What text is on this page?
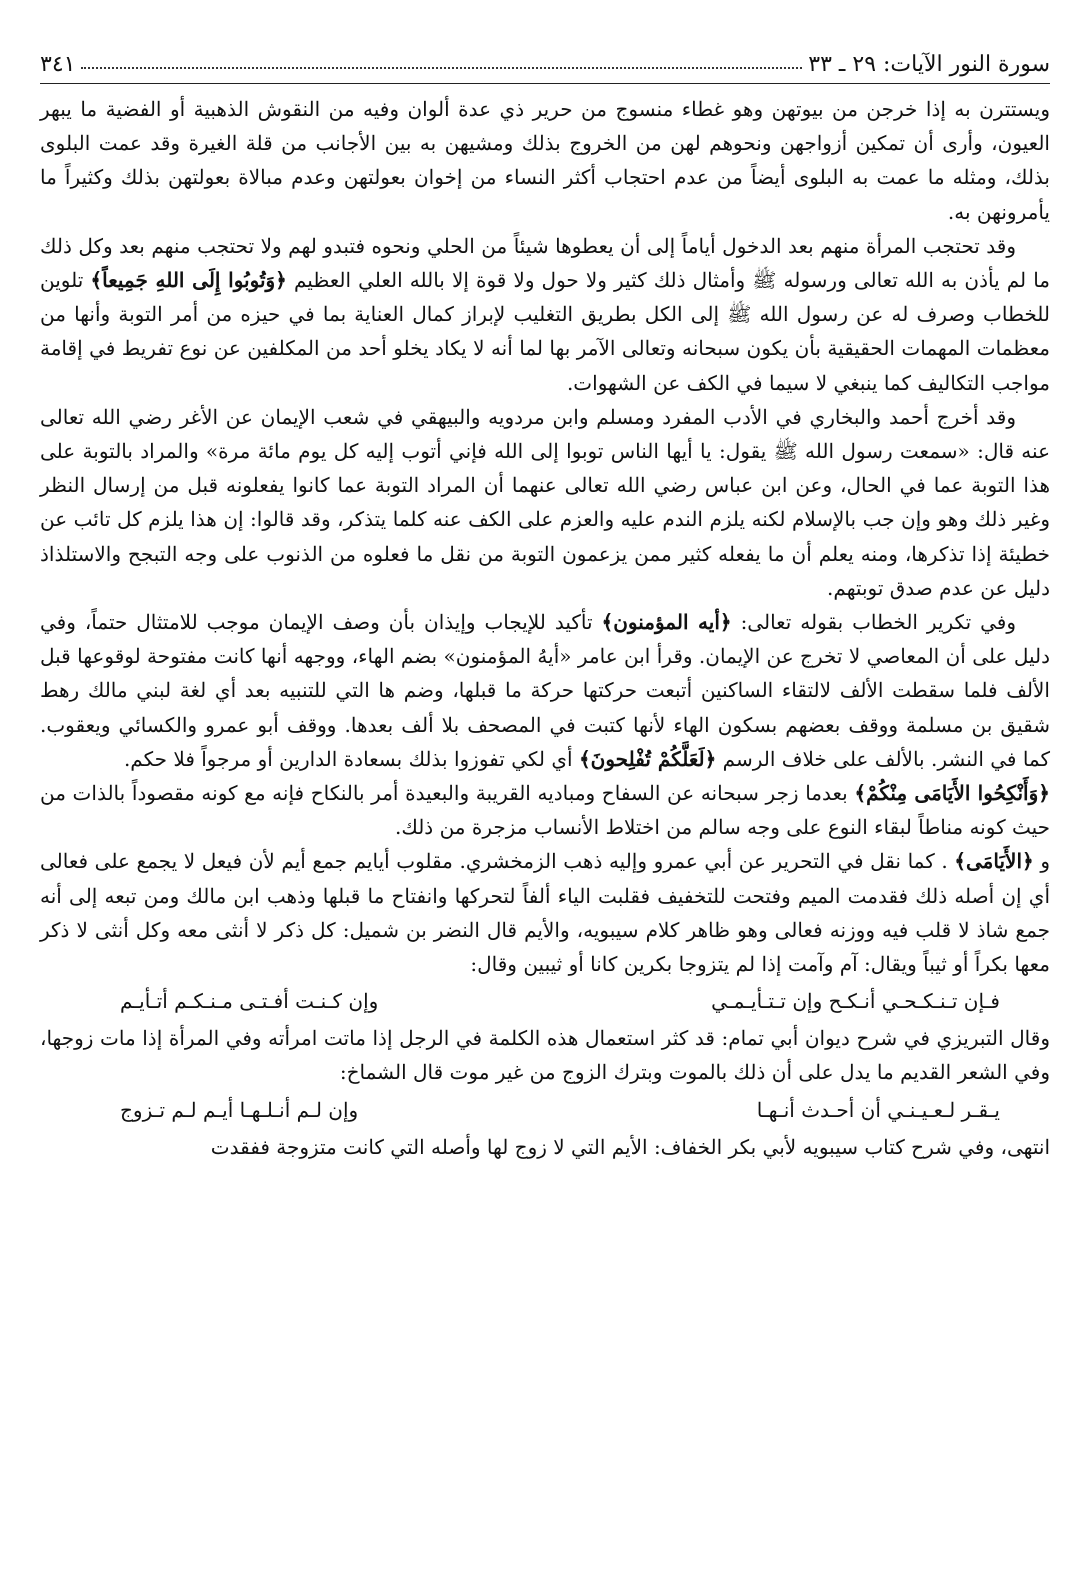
سورة النور الآيات: ٢٩ ـ ٣٣
٣٤١

ويستترن به إذا خرجن من بيوتهن وهو غطاء منسوج من حرير ذي عدة ألوان وفيه من النقوش الذهبية أو الفضية ما يبهر العيون، وأرى أن تمكين أزواجهن ونحوهم لهن من الخروج بذلك ومشيهن به بين الأجانب من قلة الغيرة وقد عمت البلوى بذلك، ومثله ما عمت به البلوى أيضاً من عدم احتجاب أكثر النساء من إخوان بعولتهن وعدم مبالاة بعولتهن بذلك وكثيراً ما يأمرونهن به.

وقد تحتجب المرأة منهم بعد الدخول أياماً إلى أن يعطوها شيئاً من الحلي ونحوه فتبدو لهم ولا تحتجب منهم بعد وكل ذلك ما لم يأذن به الله تعالى ورسوله ﷺ وأمثال ذلك كثير ولا حول ولا قوة إلا بالله العلي العظيم ﴿وَتُوبُوا إِلَى اللهِ جَمِيعاً﴾ تلوين للخطاب وصرف له عن رسول الله ﷺ إلى الكل بطريق التغليب لإبراز كمال العناية بما في حيزه من أمر التوبة وأنها من معظمات المهمات الحقيقية بأن يكون سبحانه وتعالى الآمر بها لما أنه لا يكاد يخلو أحد من المكلفين عن نوع تفريط في إقامة مواجب التكاليف كما ينبغي لا سيما في الكف عن الشهوات.

وقد أخرج أحمد والبخاري في الأدب المفرد ومسلم وابن مردويه والبيهقي في شعب الإيمان عن الأغر رضي الله تعالى عنه قال: «سمعت رسول الله ﷺ يقول: يا أيها الناس توبوا إلى الله فإني أتوب إليه كل يوم مائة مرة» والمراد بالتوبة على هذا التوبة عما في الحال، وعن ابن عباس رضي الله تعالى عنهما أن المراد التوبة عما كانوا يفعلونه قبل من إرسال النظر وغير ذلك وهو وإن جب بالإسلام لكنه يلزم الندم عليه والعزم على الكف عنه كلما يتذكر، وقد قالوا: إن هذا يلزم كل تائب عن خطيئة إذا تذكرها، ومنه يعلم أن ما يفعله كثير ممن يزعمون التوبة من نقل ما فعلوه من الذنوب على وجه التبجح والاستلذاذ دليل عن عدم صدق توبتهم.

وفي تكرير الخطاب بقوله تعالى: ﴿أيه المؤمنون﴾ تأكيد للإيجاب وإيذان بأن وصف الإيمان موجب للامتثال حتماً، وفي دليل على أن المعاصي لا تخرج عن الإيمان. وقرأ ابن عامر «أيهُ المؤمنون» بضم الهاء، ووجهه أنها كانت مفتوحة لوقوعها قبل الألف فلما سقطت الألف لالتقاء الساكنين أتبعت حركتها حركة ما قبلها، وضم ها التي للتنبيه بعد أي لغة لبني مالك رهط شقيق بن مسلمة ووقف بعضهم بسكون الهاء لأنها كتبت في المصحف بلا ألف بعدها. ووقف أبو عمرو والكسائي ويعقوب. كما في النشر. بالألف على خلاف الرسم ﴿لَعَلَّكُمْ تُفْلِحونَ﴾ أي لكي تفوزوا بذلك بسعادة الدارين أو مرجواً فلا حكم.

﴿وَأَنْكِحُوا الأَيَامَى مِنْكُمْ﴾ بعدما زجر سبحانه عن السفاح ومباديه القريبة والبعيدة أمر بالنكاح فإنه مع كونه مقصوداً بالذات من حيث كونه مناطاً لبقاء النوع على وجه سالم من اختلاط الأنساب مزجرة من ذلك.

و ﴿الأَيَامَى﴾ . كما نقل في التحرير عن أبي عمرو وإليه ذهب الزمخشري. مقلوب أيايم جمع أيم لأن فيعل لا يجمع على فعالى أي إن أصله ذلك فقدمت الميم وفتحت للتخفيف فقلبت الياء ألفاً لتحركها وانفتاح ما قبلها وذهب ابن مالك ومن تبعه إلى أنه جمع شاذ لا قلب فيه ووزنه فعالى وهو ظاهر كلام سيبويه، والأيم قال النضر بن شميل: كل ذكر لا أنثى معه وكل أنثى لا ذكر معها بكراً أو ثيباً ويقال: آم وآمت إذا لم يتزوجا بكرين كانا أو ثيبين وقال:

فـإن تـنـكـحـي أنـكـح وإن تـتـأيـمـي
وإن كـنـت أفـتـى مـنـكـم أتـأيـم

وقال التبريزي في شرح ديوان أبي تمام: قد كثر استعمال هذه الكلمة في الرجل إذا ماتت امرأته وفي المرأة إذا مات زوجها، وفي الشعر القديم ما يدل على أن ذلك بالموت وبترك الزوج من غير موت قال الشماخ:

يـقـر لـعـيـنـي أن أحـدث أنـهـا
وإن لـم أنـلـهـا أيـم لـم تـزوج

انتهى، وفي شرح كتاب سيبويه لأبي بكر الخفاف: الأيم التي لا زوج لها وأصله التي كانت متزوجة ففقدت
